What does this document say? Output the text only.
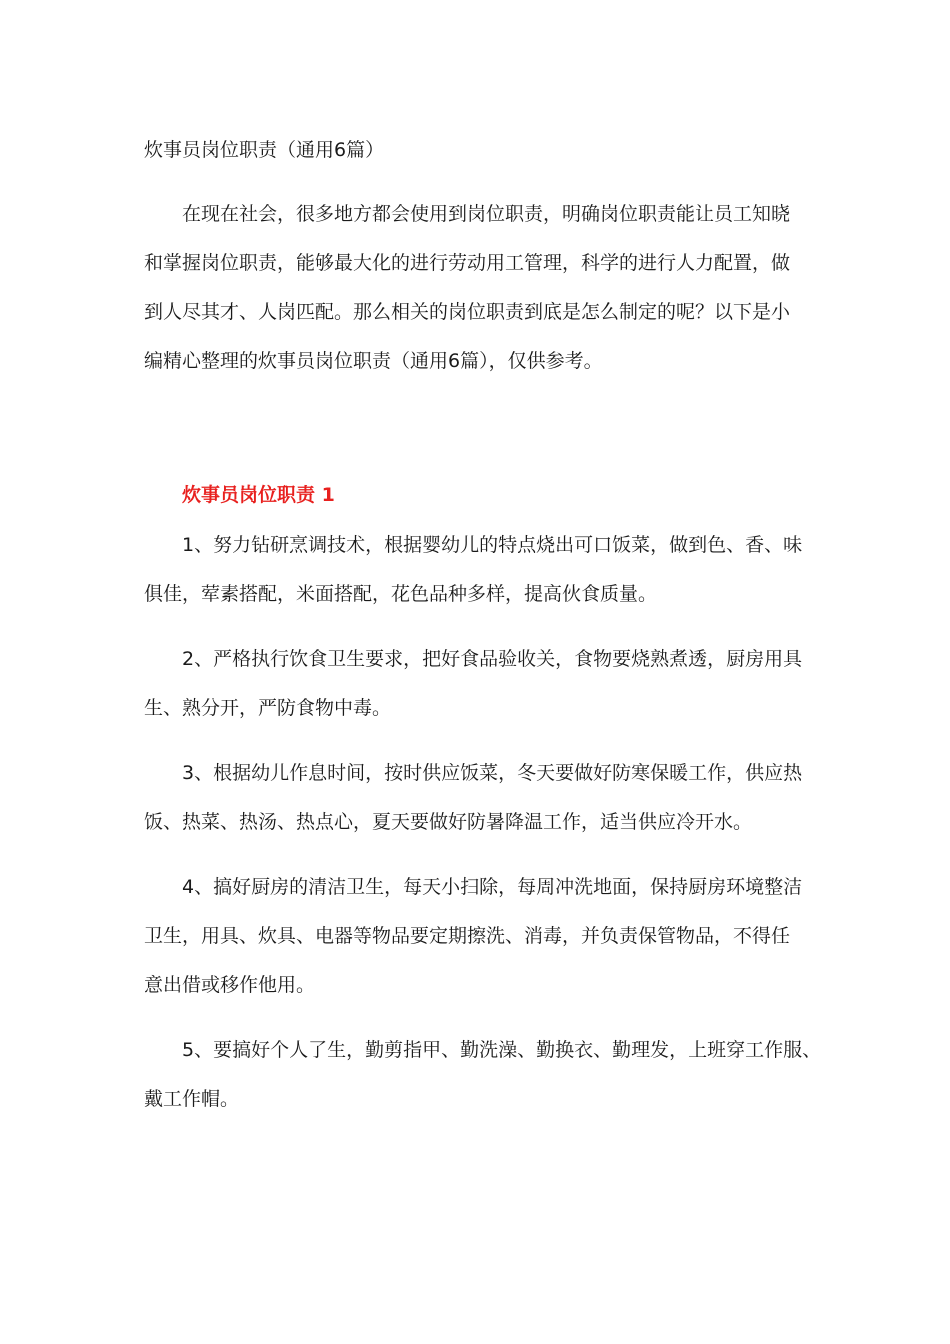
炊事员岗位职责（通用6篇）

在现在社会，很多地方都会使用到岗位职责，明确岗位职责能让员工知晓
和掌握岗位职责，能够最大化的进行劳动用工管理，科学的进行人力配置，做
到人尽其才、人岗匹配。那么相关的岗位职责到底是怎么制定的呢？以下是小
编精心整理的炊事员岗位职责（通用6篇），仅供参考。

炊事员岗位职责 1

1、努力钻研烹调技术，根据婴幼儿的特点烧出可口饭菜，做到色、香、味
俱佳，荤素搭配，米面搭配，花色品种多样，提高伙食质量。

2、严格执行饮食卫生要求，把好食品验收关，食物要烧熟煮透，厨房用具
生、熟分开，严防食物中毒。

3、根据幼儿作息时间，按时供应饭菜，冬天要做好防寒保暖工作，供应热
饭、热菜、热汤、热点心，夏天要做好防暑降温工作，适当供应冷开水。

4、搞好厨房的清洁卫生，每天小扫除，每周冲洗地面，保持厨房环境整洁
卫生，用具、炊具、电器等物品要定期擦洗、消毒，并负责保管物品，不得任
意出借或移作他用。

5、要搞好个人了生，勤剪指甲、勤洗澡、勤换衣、勤理发，上班穿工作服、
戴工作帽。
